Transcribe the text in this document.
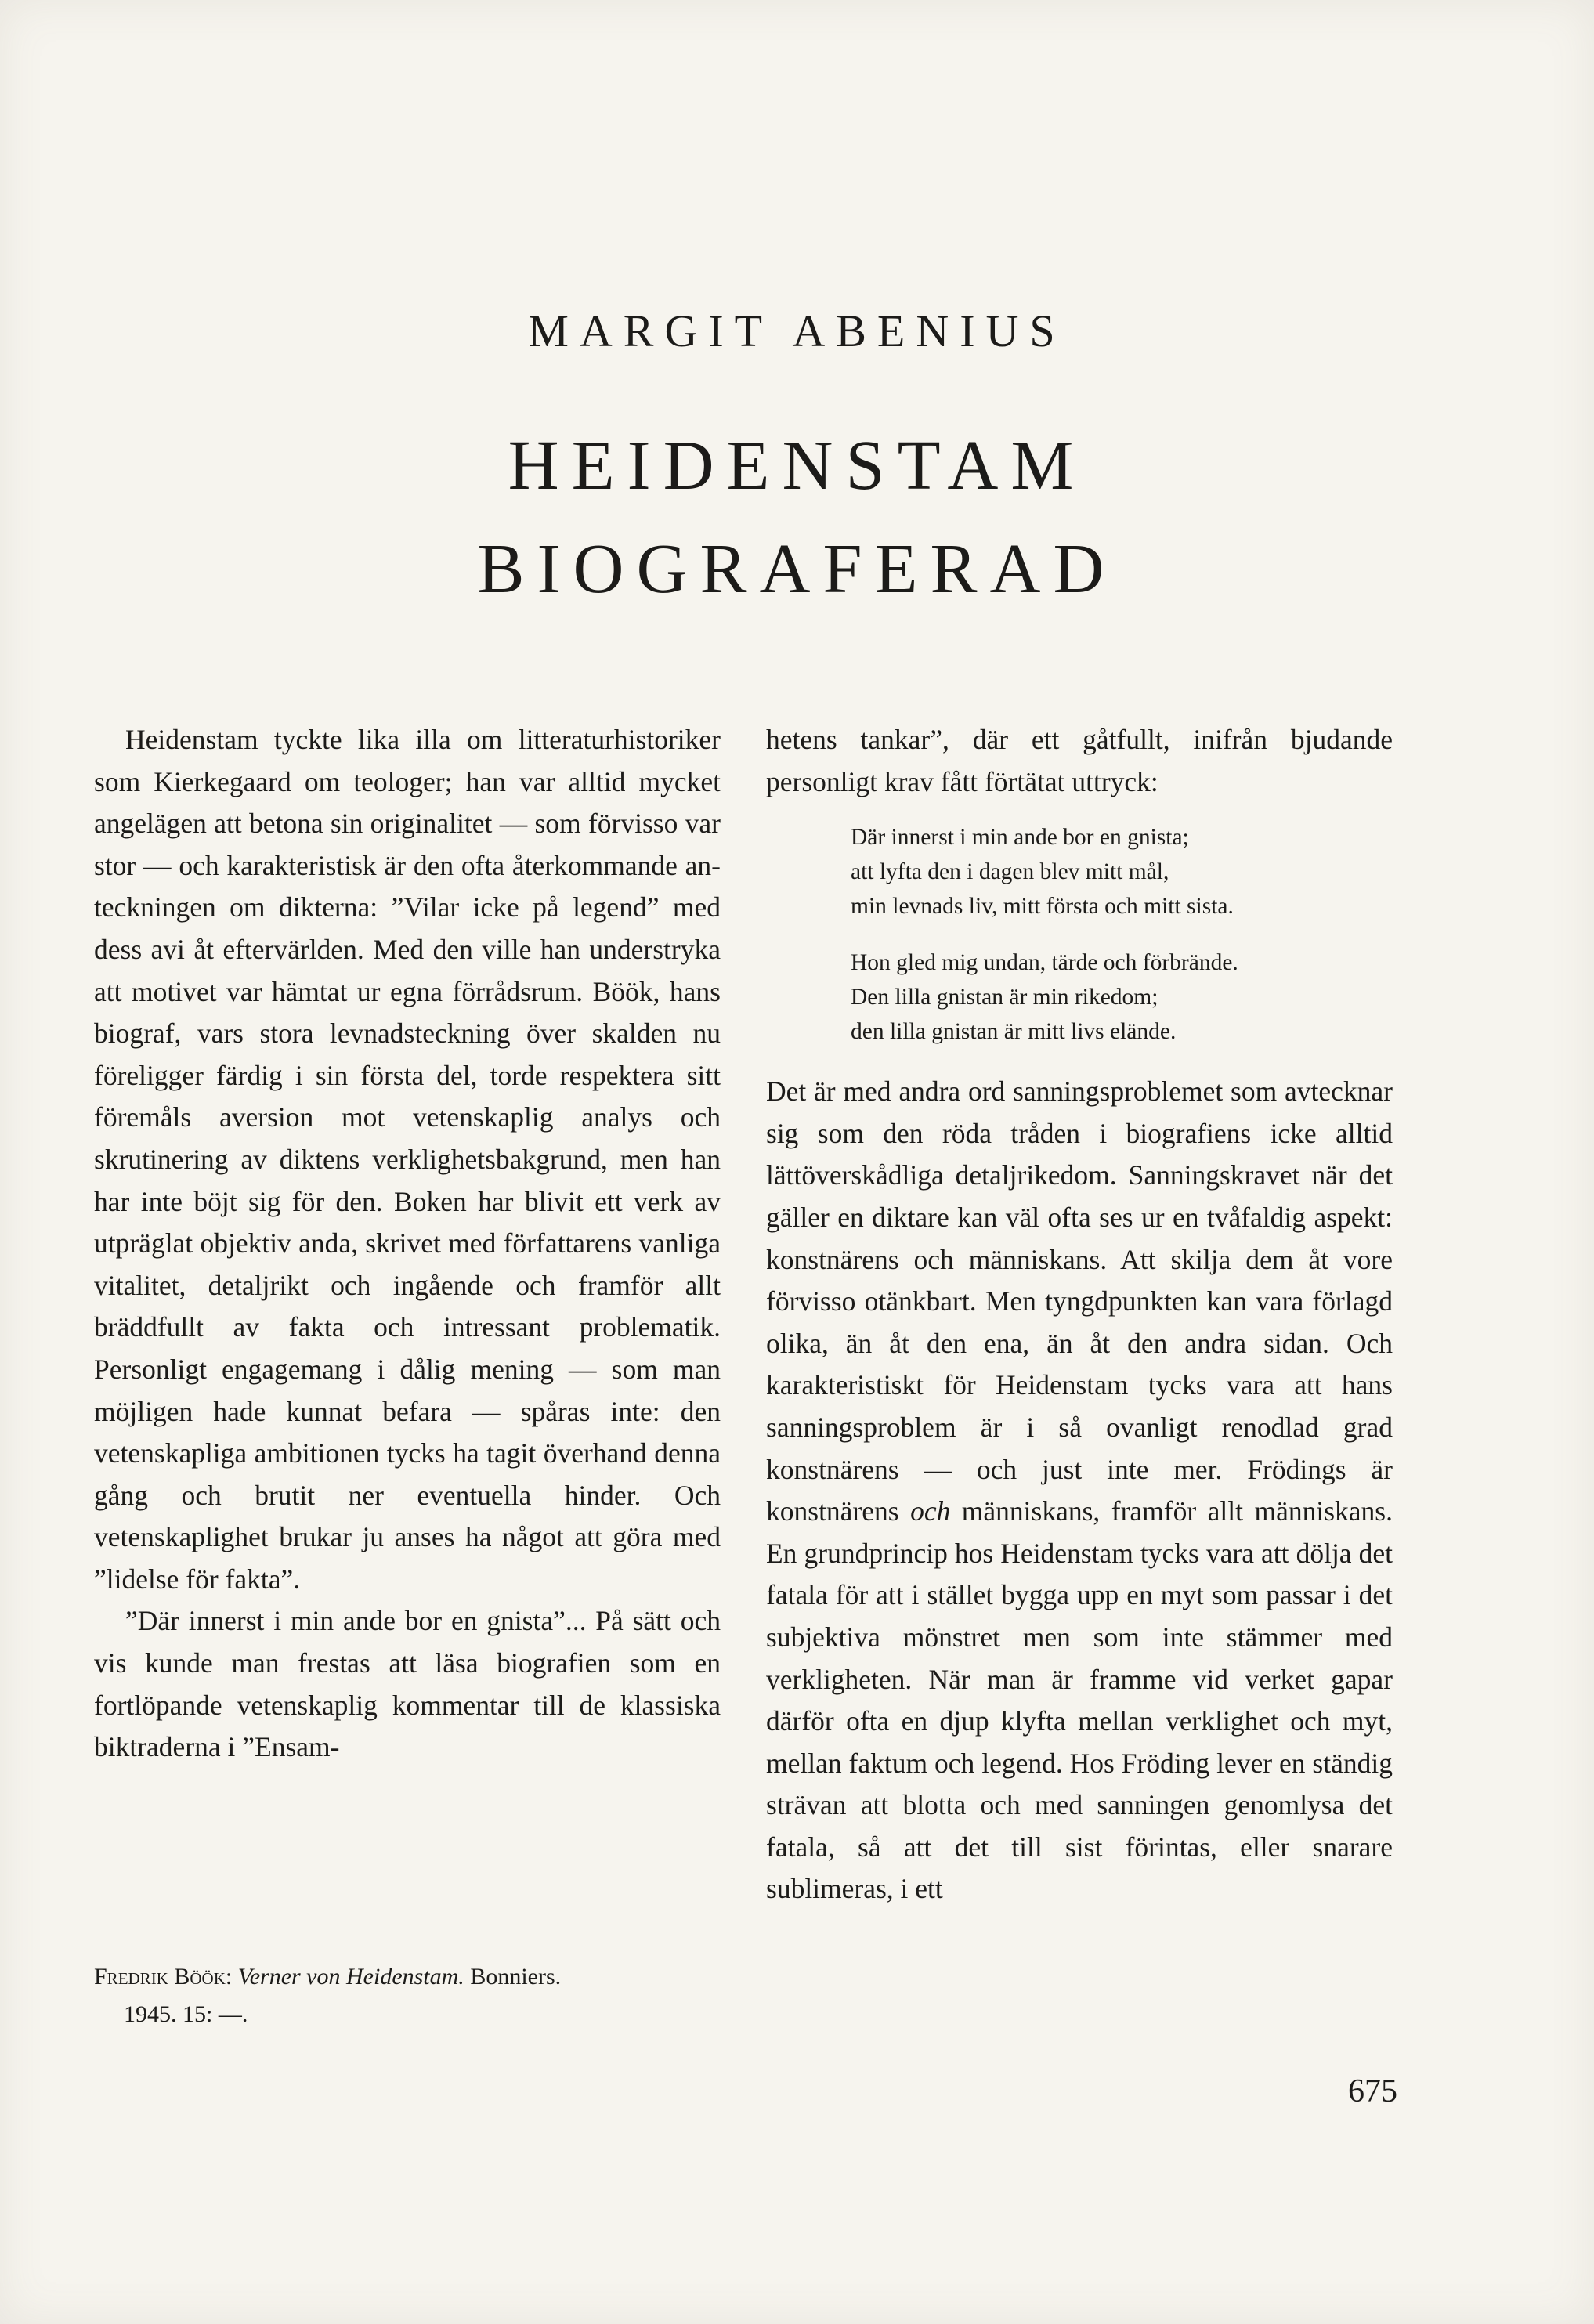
MARGIT ABENIUS
HEIDENSTAM
BIOGRAFERAD

Heidenstam tyckte lika illa om litteraturhistoriker som Kierkegaard om teologer; han var alltid mycket angelägen att betona sin originalitet — som förvisso var stor — och karakteristisk är den ofta återkommande anteckningen om dikterna: ”Vilar icke på legend” med dess avi åt eftervärlden. Med den ville han understryka att motivet var hämtat ur egna förrådsrum. Böök, hans biograf, vars stora levnadsteckning över skalden nu föreligger färdig i sin första del, torde respektera sitt föremåls aversion mot vetenskaplig analys och skrutinering av diktens verklighetsbakgrund, men han har inte böjt sig för den. Boken har blivit ett verk av utpräglat objektiv anda, skrivet med författarens vanliga vitalitet, detaljrikt och ingående och framför allt bräddfullt av fakta och intressant problematik. Personligt engagemang i dålig mening — som man möjligen hade kunnat befara — spåras inte: den vetenskapliga ambitionen tycks ha tagit överhand denna gång och brutit ner eventuella hinder. Och vetenskaplighet brukar ju anses ha något att göra med ”lidelse för fakta”.

”Där innerst i min ande bor en gnista”... På sätt och vis kunde man frestas att läsa biografien som en fortlöpande vetenskaplig kommentar till de klassiska biktraderna i ”Ensam-

Fredrik Böök: Verner von Heidenstam. Bonniers.
1945. 15: —.

hetens tankar”, där ett gåtfullt, inifrån bjudande personligt krav fått förtätat uttryck:

Där innerst i min ande bor en gnista;
att lyfta den i dagen blev mitt mål,
min levnads liv, mitt första och mitt sista.
Hon gled mig undan, tärde och förbrände.
Den lilla gnistan är min rikedom;
den lilla gnistan är mitt livs elände.

Det är med andra ord sanningsproblemet som avtecknar sig som den röda tråden i biografiens icke alltid lättöverskådliga detaljrikedom. Sanningskravet när det gäller en diktare kan väl ofta ses ur en tvåfaldig aspekt: konstnärens och människans. Att skilja dem åt vore förvisso otänkbart. Men tyngdpunkten kan vara förlagd olika, än åt den ena, än åt den andra sidan. Och karakteristiskt för Heidenstam tycks vara att hans sanningsproblem är i så ovanligt renodlad grad konstnärens — och just inte mer. Frödings är konstnärens och människans, framför allt människans. En grundprincip hos Heidenstam tycks vara att dölja det fatala för att i stället bygga upp en myt som passar i det subjektiva mönstret men som inte stämmer med verkligheten. När man är framme vid verket gapar därför ofta en djup klyfta mellan verklighet och myt, mellan faktum och legend. Hos Fröding lever en ständig strävan att blotta och med sanningen genomlysa det fatala, så att det till sist förintas, eller snarare sublimeras, i ett

675
